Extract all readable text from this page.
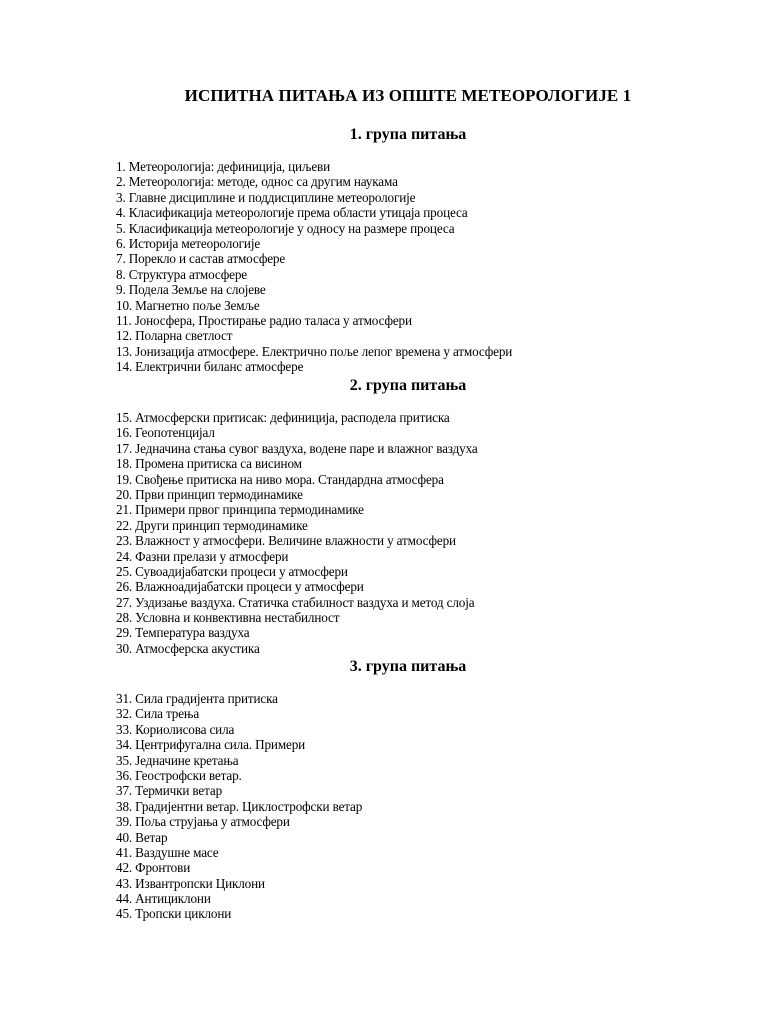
ИСПИТНА ПИТАЊА ИЗ ОПШТЕ МЕТЕОРОЛОГИЈЕ 1
1. група питања
1. Метеорологија: дефиниција, циљеви
2. Метеорологија: методе, однос са другим наукама
3. Главне дисциплине и поддисциплине метеорологије
4. Класификација метеорологије према области утицаја процеса
5. Класификација метеорологије у односу на размере процеса
6. Историја метеорологије
7. Порекло и састав атмосфере
8. Структура атмосфере
9. Подела Земље на слојеве
10. Магнетно поље Земље
11. Јоносфера, Простирање радио таласа у атмосфери
12. Поларна светлост
13. Јонизација атмосфере. Електрично поље лепог времена у атмосфери
14. Електрични биланс атмосфере
2. група питања
15. Атмосферски притисак: дефиниција, расподела притиска
16. Геопотенцијал
17. Једначина стања сувог ваздуха, водене паре и влажног ваздуха
18. Промена притиска са висином
19. Свођење притиска на ниво мора. Стандардна атмосфера
20. Први принцип термодинамике
21. Примери првог принципа термодинамике
22. Други принцип термодинамике
23. Влажност у атмосфери. Величине влажности у атмосфери
24. Фазни прелази у атмосфери
25. Сувоадијабатски процеси у атмосфери
26. Влажноадијабатски процеси у атмосфери
27. Уздизање ваздуха. Статичка стабилност ваздуха и метод слоја
28. Условна и конвективна нестабилност
29. Температура ваздуха
30. Атмосферска акустика
3. група питања
31. Сила градијента притиска
32. Сила трења
33. Кориолисова сила
34. Центрифугална сила. Примери
35. Једначине кретања
36. Геострофски ветар.
37. Термички ветар
38. Градијентни ветар. Циклострофски ветар
39. Поља струјања у атмосфери
40. Ветар
41. Ваздушне масе
42. Фронтови
43. Извантропски Циклони
44. Антициклони
45. Тропски циклони
